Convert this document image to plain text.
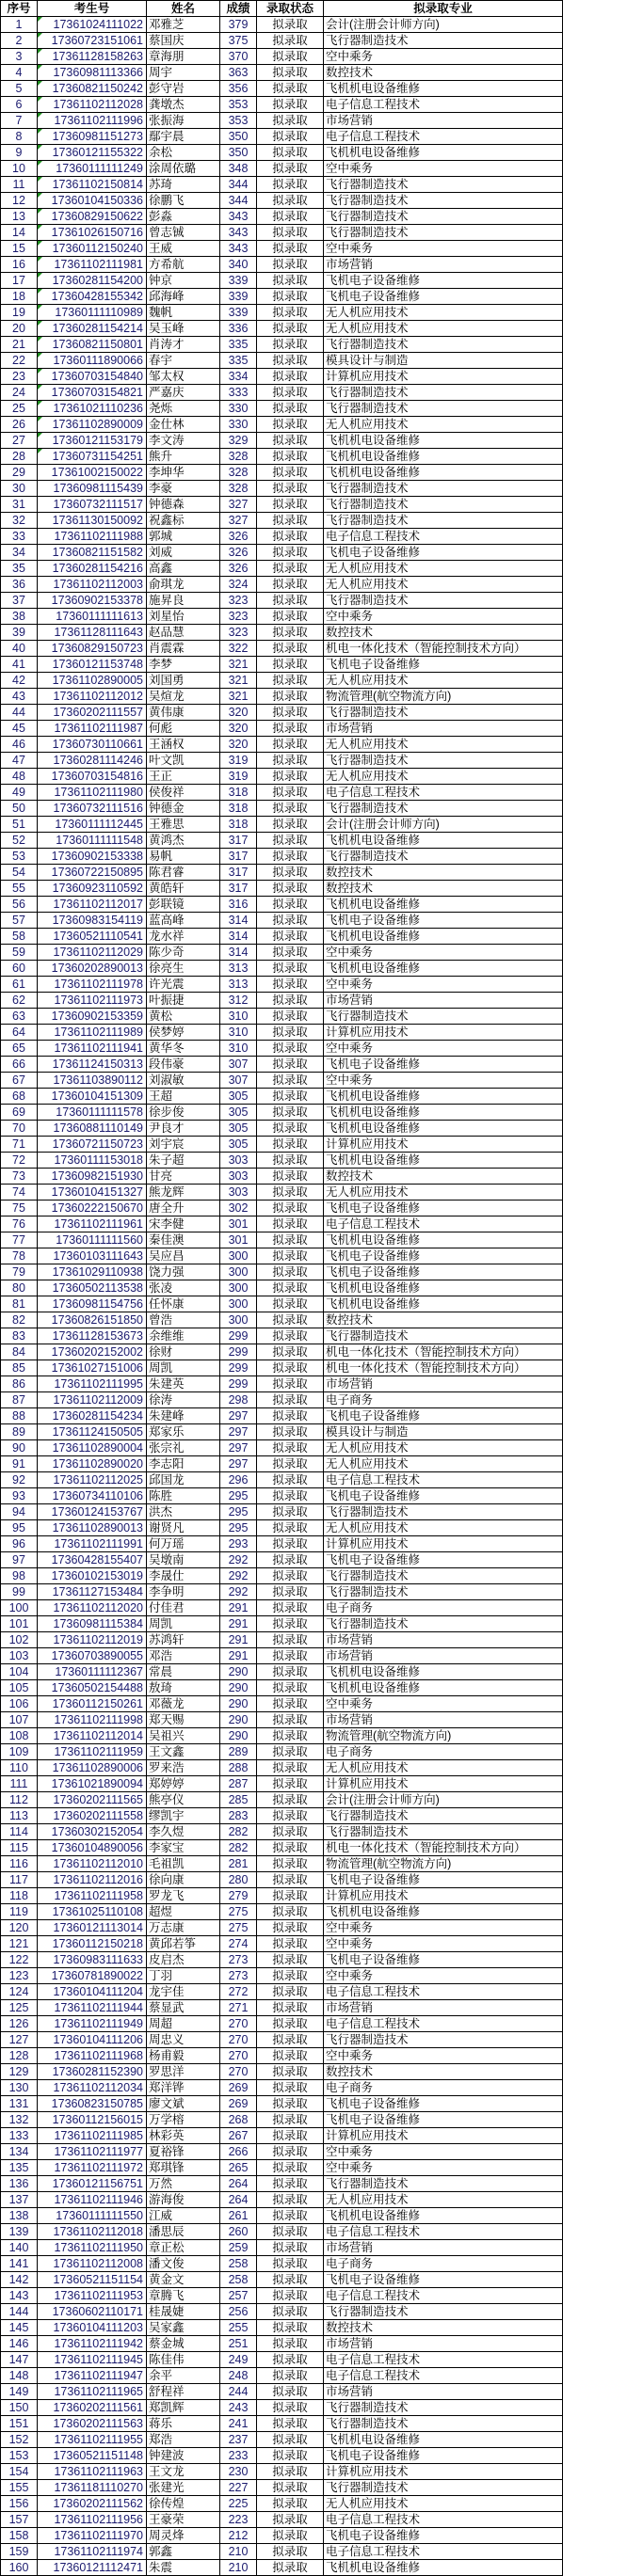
序号	考生号	姓名	成绩	录取状态	拟录取专业
1	17361024111022	邓雅芝	379	拟录取	会计(注册会计师方向)
2	17360723151061	蔡国庆	375	拟录取	飞行器制造技术
3	17361128158263	章海朋	370	拟录取	空中乘务
4	17360981113366	周宇	363	拟录取	数控技术
5	17360821150242	彭守岩	356	拟录取	飞机机电设备维修
6	17361102112028	龚墩杰	353	拟录取	电子信息工程技术
7	17361102111996	张振海	353	拟录取	市场营销
8	17360981151273	鄢宇晨	350	拟录取	电子信息工程技术
9	17360121155322	余松	350	拟录取	飞机机电设备维修
10	17360111111249	涂周依璐	348	拟录取	空中乘务
11	17361102150814	苏琦	344	拟录取	飞行器制造技术
12	17360104150336	徐鹏飞	344	拟录取	飞行器制造技术
13	17360829150622	彭淼	343	拟录取	飞行器制造技术
14	17361026150716	曾志铖	343	拟录取	飞行器制造技术
15	17360112150240	王威	343	拟录取	空中乘务
16	17361102111981	方希航	340	拟录取	市场营销
17	17360281154200	钟京	339	拟录取	飞机电子设备维修
18	17360428155342	邱海峰	339	拟录取	飞机电子设备维修
19	17360111110989	魏帆	339	拟录取	无人机应用技术
20	17360281154214	吴玉峰	336	拟录取	无人机应用技术
21	17360821150801	肖涛才	335	拟录取	飞行器制造技术
22	17360111890066	春宇	335	拟录取	模具设计与制造
23	17360703154840	邹太权	334	拟录取	计算机应用技术
24	17360703154821	严嘉庆	333	拟录取	飞行器制造技术
25	17361021110236	尧烁	330	拟录取	飞行器制造技术
26	17361102890009	金仕林	330	拟录取	无人机应用技术
27	17360121153179	李文涛	329	拟录取	飞机机电设备维修
28	17360731154251	熊升	328	拟录取	飞机机电设备维修
29	17361002150022	李坤华	328	拟录取	飞机机电设备维修
30	17360981115439	李豪	328	拟录取	飞行器制造技术
31	17360732111517	钟德森	327	拟录取	飞行器制造技术
32	17361130150092	祝鑫标	327	拟录取	飞行器制造技术
33	17361102111988	郭城	326	拟录取	电子信息工程技术
34	17360821151582	刘威	326	拟录取	飞机电子设备维修
35	17360281154216	高鑫	326	拟录取	无人机应用技术
36	17361102112003	俞琪龙	324	拟录取	无人机应用技术
37	17360902153378	施昇良	323	拟录取	飞行器制造技术
38	17360111111613	刘星怡	323	拟录取	空中乘务
39	17361128111643	赵品慧	323	拟录取	数控技术
40	17360829150723	肖震霖	322	拟录取	机电一体化技术（智能控制技术方向）
41	17360121153748	李梦	321	拟录取	飞机电子设备维修
42	17361102890005	刘国勇	321	拟录取	无人机应用技术
43	17361102112012	吴煊龙	321	拟录取	物流管理(航空物流方向)
44	17360202111557	黄伟康	320	拟录取	飞行器制造技术
45	17361102111987	何彪	320	拟录取	市场营销
46	17360730110661	王涵权	320	拟录取	无人机应用技术
47	17360281114246	叶文凯	319	拟录取	飞行器制造技术
48	17360703154816	王正	319	拟录取	无人机应用技术
49	17361102111980	侯俊祥	318	拟录取	电子信息工程技术
50	17360732111516	钟德金	318	拟录取	飞行器制造技术
51	17360111112445	王雅思	318	拟录取	会计(注册会计师方向)
52	17360111111548	黄鸿杰	317	拟录取	飞机机电设备维修
53	17360902153338	易帆	317	拟录取	飞行器制造技术
54	17360722150895	陈君睿	317	拟录取	数控技术
55	17360923110592	黄皓轩	317	拟录取	数控技术
56	17361102112017	彭联镜	316	拟录取	飞机机电设备维修
57	17360983154119	蓝高峰	314	拟录取	飞机电子设备维修
58	17360521110541	龙水祥	314	拟录取	飞机机电设备维修
59	17361102112029	陈少奇	314	拟录取	空中乘务
60	17360202890013	徐亮生	313	拟录取	飞机机电设备维修
61	17361102111978	许光震	313	拟录取	空中乘务
62	17361102111973	叶振捷	312	拟录取	市场营销
63	17360902153359	黄松	310	拟录取	飞行器制造技术
64	17361102111989	侯梦婷	310	拟录取	计算机应用技术
65	17361102111941	黄华冬	310	拟录取	空中乘务
66	17361124150313	段伟豪	307	拟录取	飞机电子设备维修
67	17361103890112	刘淑敏	307	拟录取	空中乘务
68	17360104151309	王超	305	拟录取	飞机机电设备维修
69	17360111111578	徐步俊	305	拟录取	飞机机电设备维修
70	17360881110149	尹良才	305	拟录取	飞机机电设备维修
71	17360721150723	刘宇宸	305	拟录取	计算机应用技术
72	17360111153018	朱子超	303	拟录取	飞机机电设备维修
73	17360982151930	甘亮	303	拟录取	数控技术
74	17360104151327	熊龙辉	303	拟录取	无人机应用技术
75	17360222150670	唐全升	302	拟录取	飞机电子设备维修
76	17361102111961	宋李健	301	拟录取	电子信息工程技术
77	17360111111560	秦佳澳	301	拟录取	飞机机电设备维修
78	17360103111643	吴应昌	300	拟录取	飞机电子设备维修
79	17361029110938	饶力强	300	拟录取	飞机电子设备维修
80	17360502113538	张凌	300	拟录取	飞机机电设备维修
81	17360981154756	任怀康	300	拟录取	飞机机电设备维修
82	17360826151850	曾浩	300	拟录取	数控技术
83	17361128153673	余维维	299	拟录取	飞行器制造技术
84	17360202152002	徐财	299	拟录取	机电一体化技术（智能控制技术方向）
85	17361027151006	周凯	299	拟录取	机电一体化技术（智能控制技术方向）
86	17361102111995	朱建英	299	拟录取	市场营销
87	17361102112009	徐涛	298	拟录取	电子商务
88	17360281154234	朱建峰	297	拟录取	飞机电子设备维修
89	17361124150505	郑家乐	297	拟录取	模具设计与制造
90	17361102890004	张宗礼	297	拟录取	无人机应用技术
91	17361102890020	李志阳	297	拟录取	无人机应用技术
92	17361102112025	邱国龙	296	拟录取	电子信息工程技术
93	17360734110106	陈胜	295	拟录取	飞机电子设备维修
94	17360124153767	洪杰	295	拟录取	飞行器制造技术
95	17361102890013	谢贤凡	295	拟录取	无人机应用技术
96	17361102111991	何万瑶	293	拟录取	计算机应用技术
97	17360428155407	吴墩南	292	拟录取	飞机电子设备维修
98	17360102153019	李晟仕	292	拟录取	飞行器制造技术
99	17361127153484	李争明	292	拟录取	飞行器制造技术
100	17361102112020	付佳君	291	拟录取	电子商务
101	17360981115384	周凯	291	拟录取	飞行器制造技术
102	17361102112019	苏鸿轩	291	拟录取	市场营销
103	17360703890055	邓浩	291	拟录取	市场营销
104	17360111112367	常晨	290	拟录取	飞机机电设备维修
105	17360502154488	敖琦	290	拟录取	飞机机电设备维修
106	17360112150261	邓薇龙	290	拟录取	空中乘务
107	17361102111998	郑天赐	290	拟录取	市场营销
108	17361102112014	吴祖兴	290	拟录取	物流管理(航空物流方向)
109	17361102111959	王文鑫	289	拟录取	电子商务
110	17361102890006	罗来浩	288	拟录取	无人机应用技术
111	17361021890094	郑婷婷	287	拟录取	计算机应用技术
112	17360202111565	熊亭仪	285	拟录取	会计(注册会计师方向)
113	17360202111558	缪凯宇	283	拟录取	飞行器制造技术
114	17360302152054	李久煜	282	拟录取	飞行器制造技术
115	17360104890056	李家宝	282	拟录取	机电一体化技术（智能控制技术方向）
116	17361102112010	毛祖凯	281	拟录取	物流管理(航空物流方向)
117	17361102112016	徐向康	280	拟录取	飞机电子设备维修
118	17361102111958	罗龙飞	279	拟录取	计算机应用技术
119	17361025110108	超煜	275	拟录取	飞机机电设备维修
120	17360121113014	万志康	275	拟录取	空中乘务
121	17360112150218	黄邱若筝	274	拟录取	空中乘务
122	17360983111633	皮启杰	273	拟录取	飞机电子设备维修
123	17360781890022	丁羽	273	拟录取	空中乘务
124	17360104111204	龙宇佳	272	拟录取	电子信息工程技术
125	17361102111944	蔡显武	271	拟录取	市场营销
126	17361102111949	周超	270	拟录取	电子信息工程技术
127	17360104111206	周忠义	270	拟录取	飞行器制造技术
128	17361102111968	杨甫毅	270	拟录取	空中乘务
129	17360281152390	罗思洋	270	拟录取	数控技术
130	17361102112034	郑洋铧	269	拟录取	电子商务
131	17360823150785	廖文斌	269	拟录取	飞机电子设备维修
132	17360112156015	万学榕	268	拟录取	飞机电子设备维修
133	17361102111985	林彩英	267	拟录取	计算机应用技术
134	17361102111977	夏裕锋	266	拟录取	空中乘务
135	17361102111972	郑琪锋	265	拟录取	空中乘务
136	17360121156751	万然	264	拟录取	飞行器制造技术
137	17361102111946	游海俊	264	拟录取	无人机应用技术
138	17360111111550	江威	261	拟录取	飞机机电设备维修
139	17361102112018	潘思辰	260	拟录取	电子信息工程技术
140	17361102111950	章正松	259	拟录取	市场营销
141	17361102112008	潘文俊	258	拟录取	电子商务
142	17360521151154	黄金文	258	拟录取	飞机电子设备维修
143	17361102111953	章腾飞	257	拟录取	电子信息工程技术
144	17360602110171	桂晟婕	256	拟录取	飞行器制造技术
145	17360104111203	吴家鑫	255	拟录取	数控技术
146	17361102111942	蔡金城	251	拟录取	市场营销
147	17361102111945	陈佳伟	249	拟录取	电子信息工程技术
148	17361102111947	余平	248	拟录取	电子信息工程技术
149	17361102111965	舒程祥	244	拟录取	市场营销
150	17360202111561	郑凯辉	243	拟录取	飞行器制造技术
151	17360202111563	蒋乐	241	拟录取	飞行器制造技术
152	17361102111955	郑浩	237	拟录取	飞机机电设备维修
153	17360521151148	钟建波	233	拟录取	飞机电子设备维修
154	17361102111963	王文龙	230	拟录取	计算机应用技术
155	17361181110270	张建光	227	拟录取	飞行器制造技术
156	17360202111562	徐传煌	225	拟录取	无人机应用技术
157	17361102111956	王豪荣	223	拟录取	电子信息工程技术
158	17361102111970	周灵烽	212	拟录取	飞机电子设备维修
159	17361102111974	郭鑫	210	拟录取	电子信息工程技术
160	17360121112471	朱震	210	拟录取	飞机机电设备维修
